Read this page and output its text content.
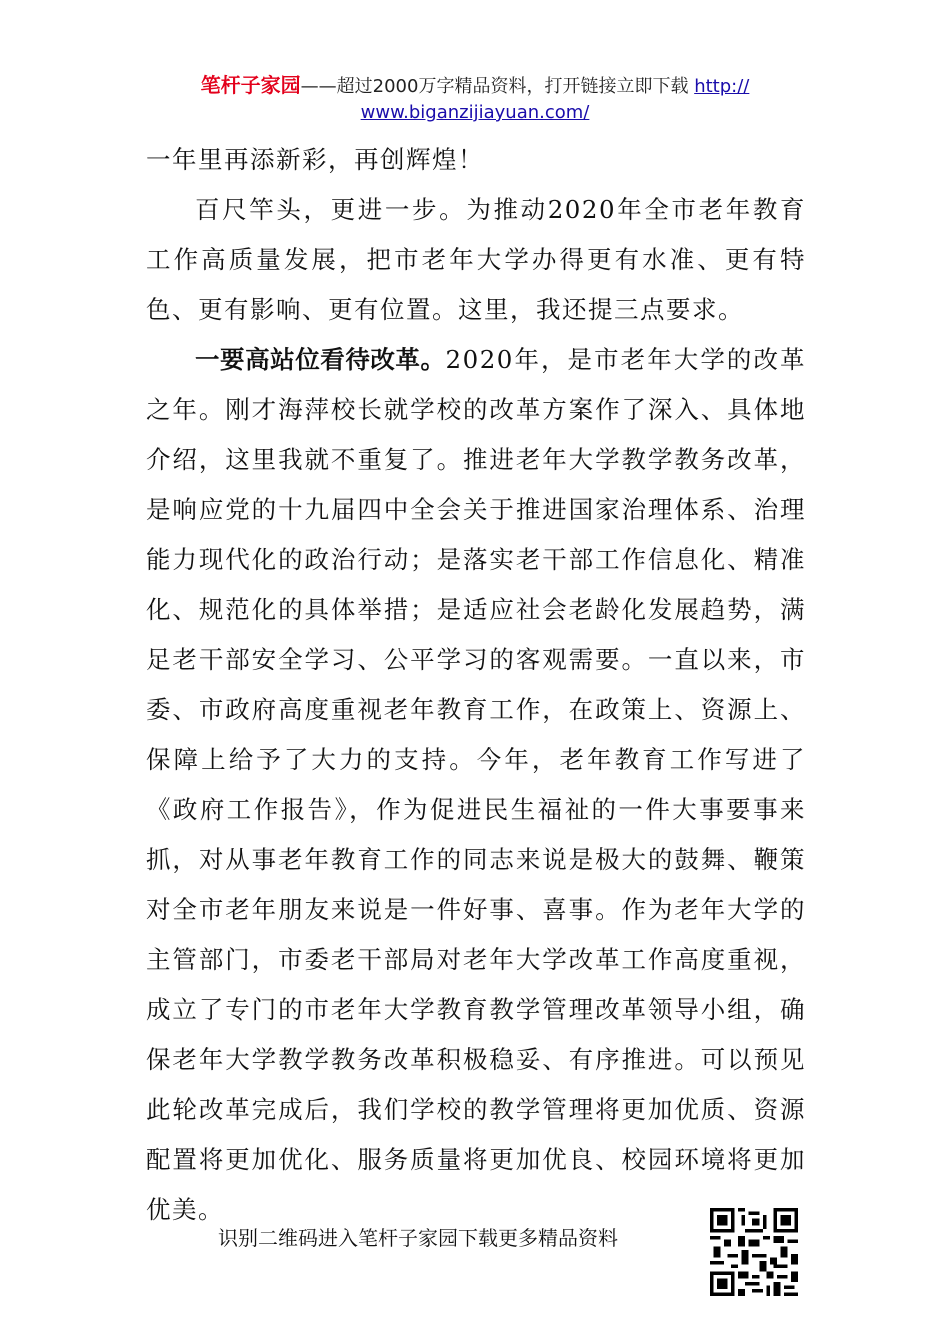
笔杆子家园——超过2000万字精品资料，打开链接立即下载 http://
www.biganzijiayuan.com/

一年里再添新彩，再创辉煌！

百尺竿头，更进一步。为推动2020年全市老年教育工作高质量发展，把市老年大学办得更有水准、更有特色、更有影响、更有位置。这里，我还提三点要求。

一要高站位看待改革。2020年，是市老年大学的改革之年。刚才海萍校长就学校的改革方案作了深入、具体地介绍，这里我就不重复了。推进老年大学教学教务改革，是响应党的十九届四中全会关于推进国家治理体系、治理能力现代化的政治行动；是落实老干部工作信息化、精准化、规范化的具体举措；是适应社会老龄化发展趋势，满足老干部安全学习、公平学习的客观需要。一直以来，市委、市政府高度重视老年教育工作，在政策上、资源上、保障上给予了大力的支持。今年，老年教育工作写进了《政府工作报告》，作为促进民生福祉的一件大事要事来抓，对从事老年教育工作的同志来说是极大的鼓舞、鞭策对全市老年朋友来说是一件好事、喜事。作为老年大学的主管部门，市委老干部局对老年大学改革工作高度重视，成立了专门的市老年大学教育教学管理改革领导小组，确保老年大学教学教务改革积极稳妥、有序推进。可以预见此轮改革完成后，我们学校的教学管理将更加优质、资源配置将更加优化、服务质量将更加优良、校园环境将更加优美。

识别二维码进入笔杆子家园下载更多精品资料
